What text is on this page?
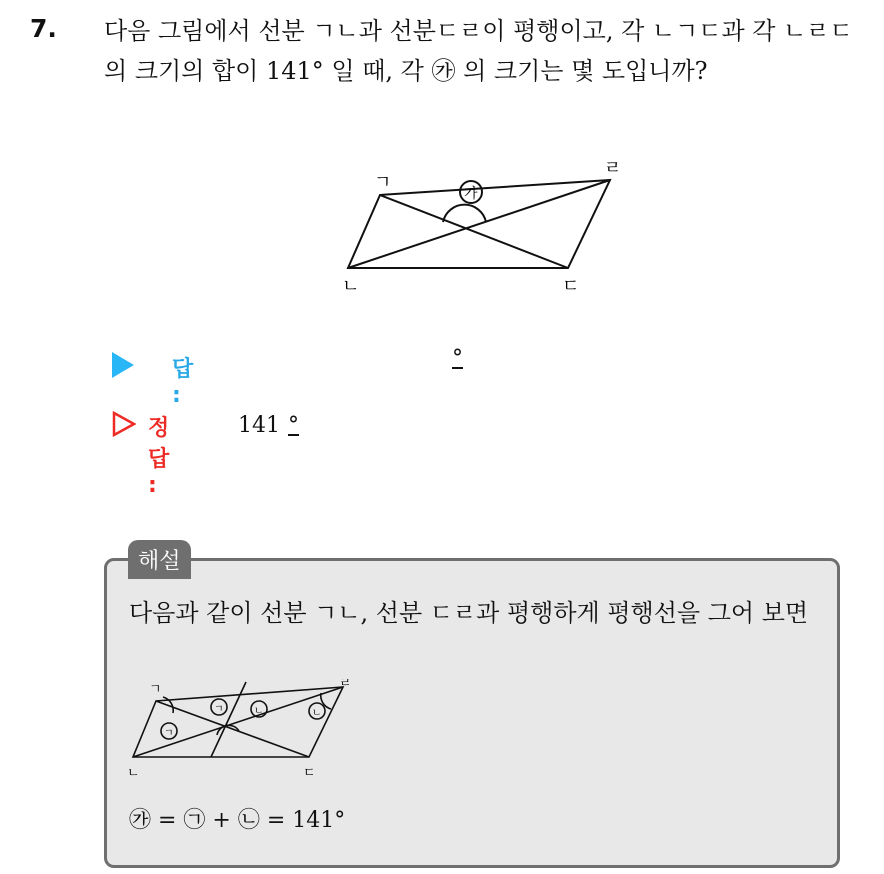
7. 다음 그림에서 선분 ㄱㄴ과 선분ㄷㄹ이 평행이고, 각 ㄴㄱㄷ과 각 ㄴㄹㄷ의 크기의 합이 141° 일 때, 각 ㉮ 의 크기는 몇 도입니까?
ㄱ
ㄴ	ㄷ
ㄹ
가
답 :
°
정답 :
141 °
해설
다음과 같이 선분 ㄱㄴ, 선분 ㄷㄹ과 평행하게 평행선을 그어 보면
ㄱ
ㄴ	ㄷ
ㄹ
ㄱ
ㄱ	ㄴ	ㄴ
㉮ = ㉠ + ㉡ = 141°
